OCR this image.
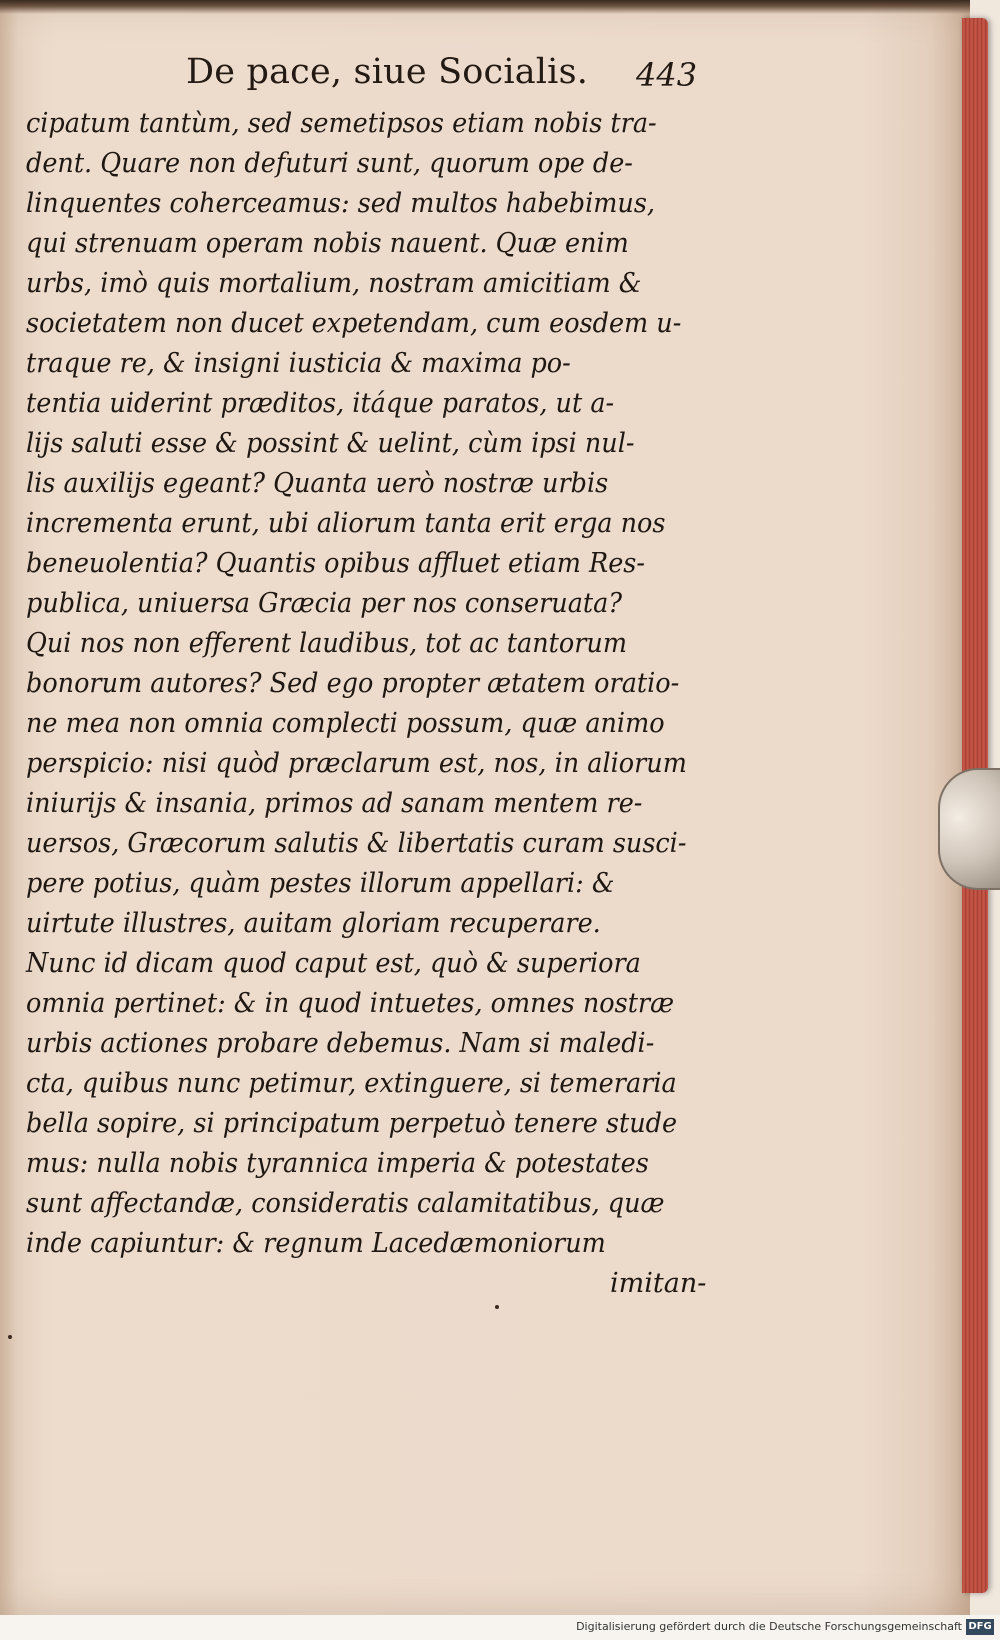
De pace, siue Socialis. 443
cipatum tantùm, sed semetipsos etiam nobis tra-
dent. Quare non defuturi sunt, quorum ope de-
linquentes coherceamus: sed multos habebimus,
qui strenuam operam nobis nauent. Quæ enim
urbs, imò quis mortalium, nostram amicitiam &
societatem non ducet expetendam, cum eosdem u-
traque re, & insigni iusticia & maxima po-
tentia uiderint præditos, itáque paratos, ut a-
lijs saluti esse & possint & uelint, cùm ipsi nul-
lis auxilijs egeant? Quanta uerò nostræ urbis
incrementa erunt, ubi aliorum tanta erit erga nos
beneuolentia? Quantis opibus affluet etiam Res-
publica, uniuersa Græcia per nos conseruata?
Qui nos non efferent laudibus, tot ac tantorum
bonorum autores? Sed ego propter ætatem oratio-
ne mea non omnia complecti possum, quæ animo
perspicio: nisi quòd præclarum est, nos, in aliorum
iniurijs & insania, primos ad sanam mentem re-
uersos, Græcorum salutis & libertatis curam susci-
pere potius, quàm pestes illorum appellari: &
uirtute illustres, auitam gloriam recuperare.
Nunc id dicam quod caput est, quò & superiora
omnia pertinet: & in quod intuetes, omnes nostræ
urbis actiones probare debemus. Nam si maledi-
cta, quibus nunc petimur, extinguere, si temeraria
bella sopire, si principatum perpetuò tenere stude
mus: nulla nobis tyrannica imperia & potestates
sunt affectandæ, consideratis calamitatibus, quæ
inde capiuntur: & regnum Lacedæmoniorum
imitan-
Digitalisierung gefördert durch die Deutsche Forschungsgemeinschaft DFG
